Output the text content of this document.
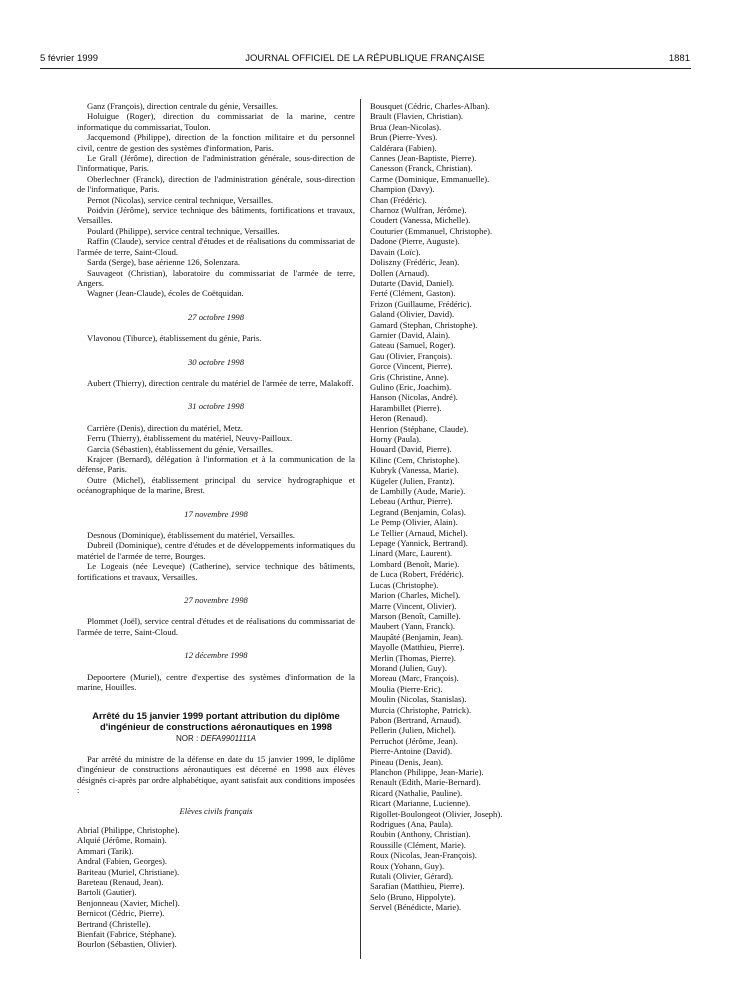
5 février 1999	JOURNAL OFFICIEL DE LA RÉPUBLIQUE FRANÇAISE	1881

Ganz (François), direction centrale du génie, Versailles.

Holuigue (Roger), direction du commissariat de la marine, centre informatique du commissariat, Toulon.

Jacquemond (Philippe), direction de la fonction militaire et du personnel civil, centre de gestion des systèmes d'information, Paris.

Le Grall (Jérôme), direction de l'administration générale, sous-direction de l'informatique, Paris.

Oberlechner (Franck), direction de l'administration générale, sous-direction de l'informatique, Paris.

Pernot (Nicolas), service central technique, Versailles.

Poidvin (Jérôme), service technique des bâtiments, fortifications et travaux, Versailles.

Poulard (Philippe), service central technique, Versailles.

Raffin (Claude), service central d'études et de réalisations du commissariat de l'armée de terre, Saint-Cloud.

Sarda (Serge), base aérienne 126, Solenzara.

Sauvageot (Christian), laboratoire du commissariat de l'armée de terre, Angers.

Wagner (Jean-Claude), écoles de Coëtquidan.

27 octobre 1998

Vlavonou (Tiburce), établissement du génie, Paris.

30 octobre 1998

Aubert (Thierry), direction centrale du matériel de l'armée de terre, Malakoff.

31 octobre 1998

Carrière (Denis), direction du matériel, Metz.

Ferru (Thierry), établissement du matériel, Neuvy-Pailloux.

Garcia (Sébastien), établissement du génie, Versailles.

Krajcer (Bernard), délégation à l'information et à la communication de la défense, Paris.

Outre (Michel), établissement principal du service hydrographique et océanographique de la marine, Brest.

17 novembre 1998

Desnous (Dominique), établissement du matériel, Versailles.

Dubreil (Dominique), centre d'études et de développements informatiques du matériel de l'armée de terre, Bourges.

Le Logeais (née Leveque) (Catherine), service technique des bâtiments, fortifications et travaux, Versailles.

27 novembre 1998

Plommet (Joël), service central d'études et de réalisations du commissariat de l'armée de terre, Saint-Cloud.

12 décembre 1998

Depoortere (Muriel), centre d'expertise des systèmes d'information de la marine, Houilles.

Arrêté du 15 janvier 1999 portant attribution du diplôme d'ingénieur de constructions aéronautiques en 1998
NOR : DEFA9901111A

Par arrêté du ministre de la défense en date du 15 janvier 1999, le diplôme d'ingénieur de constructions aéronautiques est décerné en 1998 aux élèves désignés ci-après par ordre alphabétique, ayant satisfait aux conditions imposées :

Elèves civils français

Abrial (Philippe, Christophe).

Alquié (Jérôme, Romain).

Ammari (Tarik).

Andral (Fabien, Georges).

Bariteau (Muriel, Christiane).

Bareteau (Renaud, Jean).

Bartoli (Gautier).

Benjonneau (Xavier, Michel).

Bernicot (Cédric, Pierre).

Bertrand (Christelle).

Bienfait (Fabrice, Stéphane).

Bourlon (Sébastien, Olivier).

Bousquet (Cédric, Charles-Alban).

Brault (Flavien, Christian).

Brua (Jean-Nicolas).

Brun (Pierre-Yves).

Caldérara (Fabien).

Cannes (Jean-Baptiste, Pierre).

Canesson (Franck, Christian).

Carme (Dominique, Emmanuelle).

Champion (Davy).

Chan (Frédéric).

Charnoz (Wulfran, Jérôme).

Coudert (Vanessa, Michelle).

Couturier (Emmanuel, Christophe).

Dadone (Pierre, Auguste).

Davain (Loïc).

Doliszny (Frédéric, Jean).

Dollen (Arnaud).

Dutarte (David, Daniel).

Ferté (Clément, Gaston).

Frizon (Guillaume, Frédéric).

Galand (Olivier, David).

Gamard (Stephan, Christophe).

Garnier (David, Alain).

Gateau (Samuel, Roger).

Gau (Olivier, François).

Gorce (Vincent, Pierre).

Gris (Christine, Anne).

Gulino (Eric, Joachim).

Hanson (Nicolas, André).

Harambillet (Pierre).

Heron (Renaud).

Henrion (Stéphane, Claude).

Horny (Paula).

Houard (David, Pierre).

Kilinc (Cem, Christophe).

Kubryk (Vanessa, Marie).

Kügeler (Julien, Frantz).

de Lambilly (Aude, Marie).

Lebeau (Arthur, Pierre).

Legrand (Benjamin, Colas).

Le Pemp (Olivier, Alain).

Le Tellier (Arnaud, Michel).

Lepage (Yannick, Bertrand).

Linard (Marc, Laurent).

Lombard (Benoît, Marie).

de Luca (Robert, Frédéric).

Lucas (Christophe).

Marion (Charles, Michel).

Marre (Vincent, Olivier).

Marson (Benoît, Camille).

Maubert (Yann, Franck).

Maupâté (Benjamin, Jean).

Mayolle (Matthieu, Pierre).

Merlin (Thomas, Pierre).

Morand (Julien, Guy).

Moreau (Marc, François).

Moulia (Pierre-Eric).

Moulin (Nicolas, Stanislas).

Murcia (Christophe, Patrick).

Pabon (Bertrand, Arnaud).

Pellerin (Julien, Michel).

Perruchot (Jérôme, Jean).

Pierre-Antoine (David).

Pineau (Denis, Jean).

Planchon (Philippe, Jean-Marie).

Renault (Edith, Marie-Bernard).

Ricard (Nathalie, Pauline).

Ricart (Marianne, Lucienne).

Rigollet-Boulongeot (Olivier, Joseph).

Rodrigues (Ana, Paula).

Roubin (Anthony, Christian).

Roussille (Clément, Marie).

Roux (Nicolas, Jean-François).

Roux (Yohann, Guy).

Rutali (Olivier, Gérard).

Sarafian (Matthieu, Pierre).

Selo (Bruno, Hippolyte).

Servel (Bénédicte, Marie).
